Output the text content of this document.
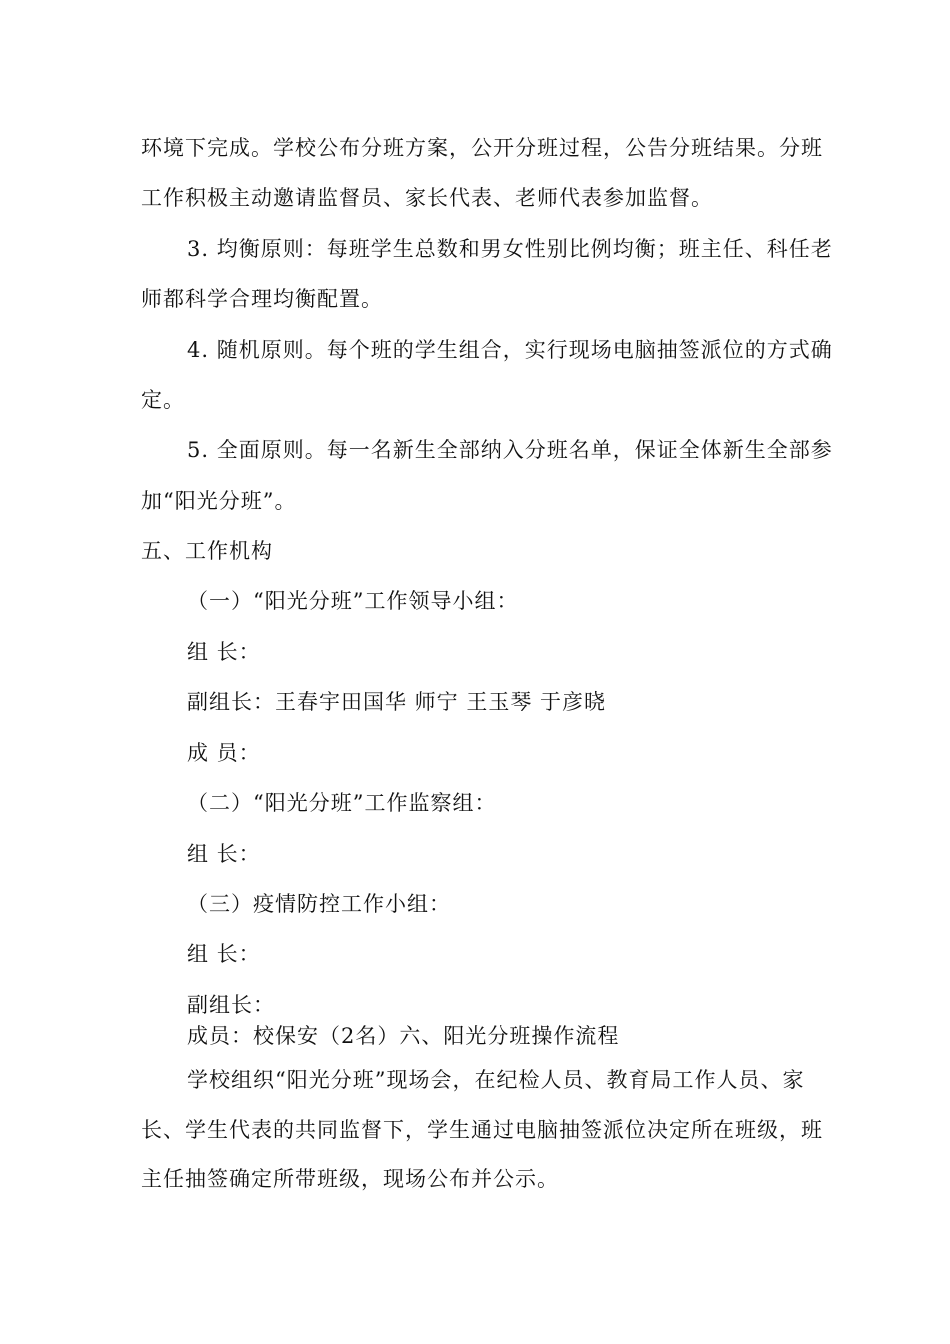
环境下完成。学校公布分班方案，公开分班过程，公告分班结果。分班
工作积极主动邀请监督员、家长代表、老师代表参加监督。
3. 均衡原则：每班学生总数和男女性别比例均衡；班主任、科任老
师都科学合理均衡配置。
4. 随机原则。每个班的学生组合，实行现场电脑抽签派位的方式确
定。
5. 全面原则。每一名新生全部纳入分班名单，保证全体新生全部参
加“阳光分班”。
五、工作机构
（一）“阳光分班”工作领导小组：
组 长：
副组长：王春宇田国华 师宁 王玉琴 于彦晓
成 员：
（二）“阳光分班”工作监察组：
组 长：
（三）疫情防控工作小组：
组 长：
副组长：
成员：校保安（2名）六、阳光分班操作流程
学校组织“阳光分班”现场会，在纪检人员、教育局工作人员、家
长、学生代表的共同监督下，学生通过电脑抽签派位决定所在班级，班
主任抽签确定所带班级，现场公布并公示。
